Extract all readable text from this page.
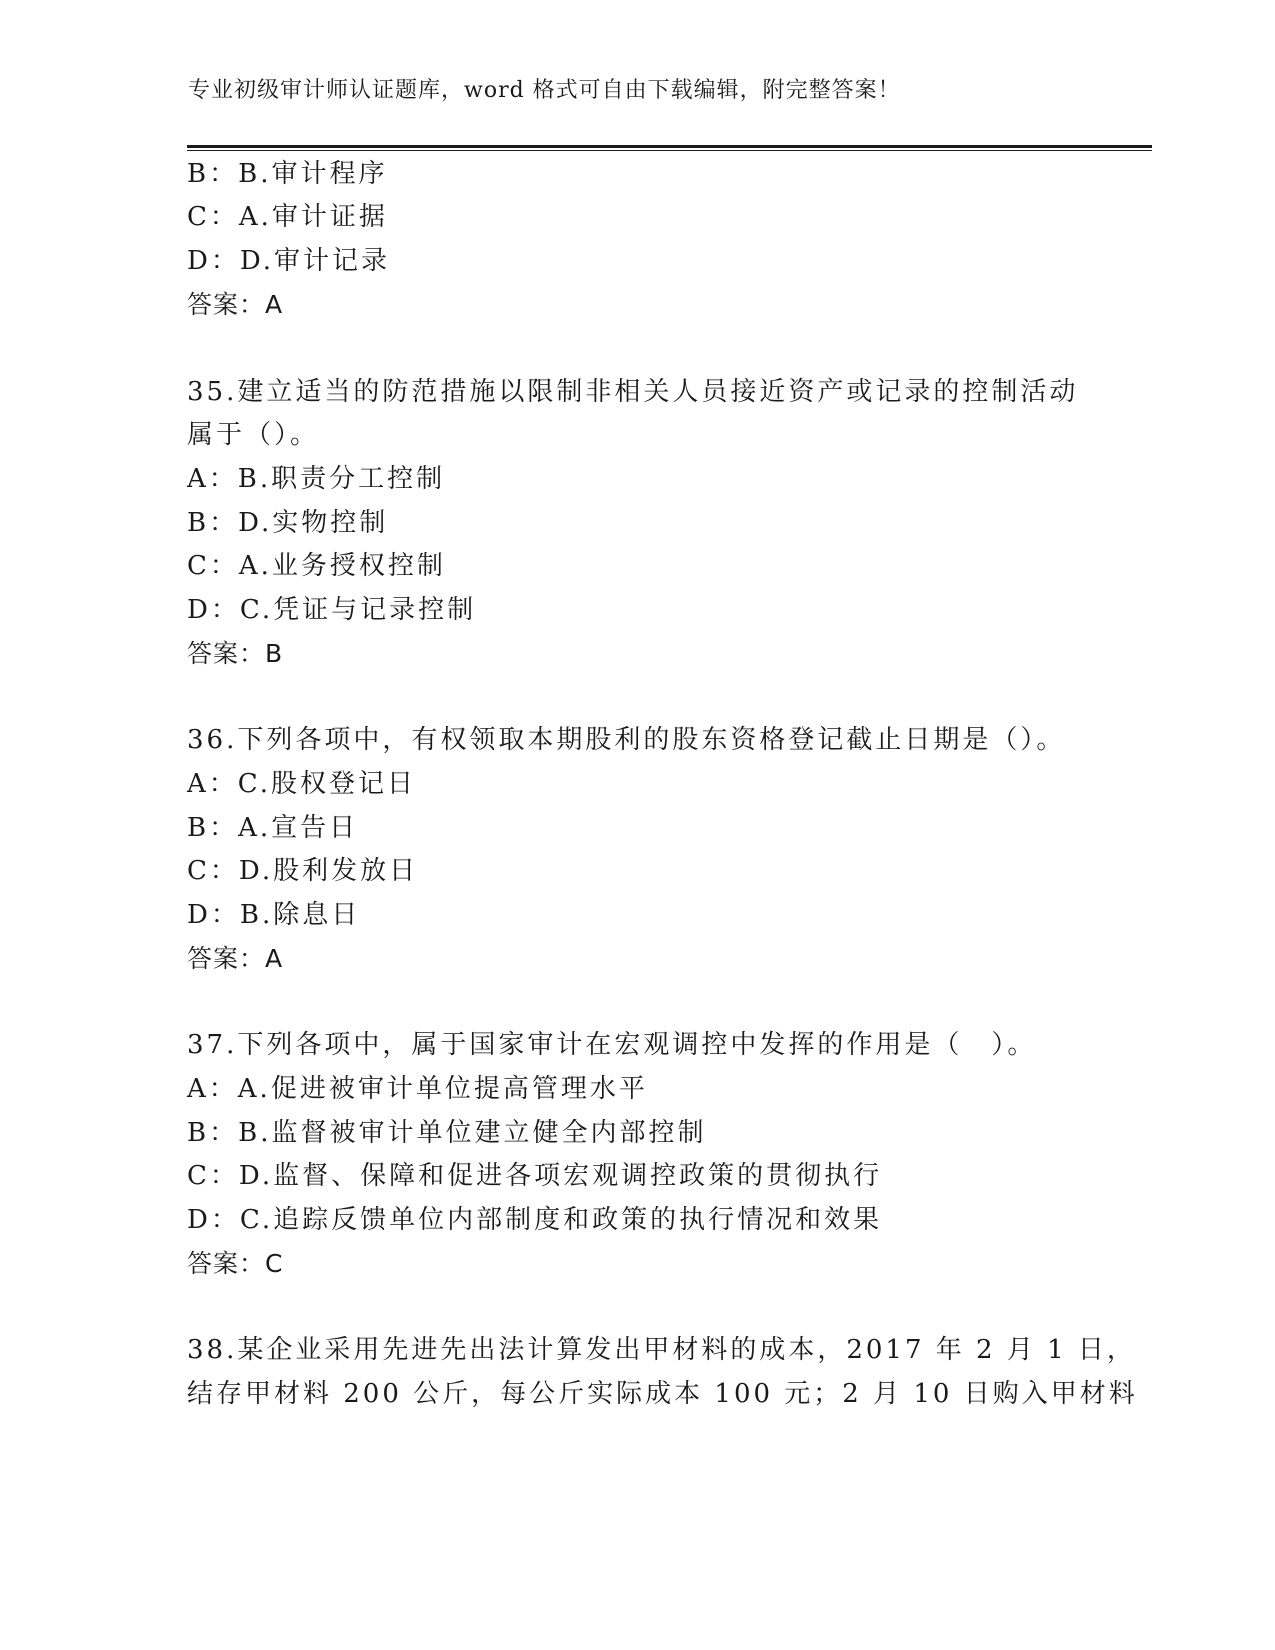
专业初级审计师认证题库，word 格式可自由下载编辑，附完整答案！
B：B.审计程序
C：A.审计证据
D：D.审计记录
答案：A
35.建立适当的防范措施以限制非相关人员接近资产或记录的控制活动
属于（）。
A：B.职责分工控制
B：D.实物控制
C：A.业务授权控制
D：C.凭证与记录控制
答案：B
36.下列各项中，有权领取本期股利的股东资格登记截止日期是（）。
A：C.股权登记日
B：A.宣告日
C：D.股利发放日
D：B.除息日
答案：A
37.下列各项中，属于国家审计在宏观调控中发挥的作用是（　）。
A：A.促进被审计单位提高管理水平
B：B.监督被审计单位建立健全内部控制
C：D.监督、保障和促进各项宏观调控政策的贯彻执行
D：C.追踪反馈单位内部制度和政策的执行情况和效果
答案：C
38.某企业采用先进先出法计算发出甲材料的成本，2017 年 2 月 1 日，
结存甲材料 200 公斤，每公斤实际成本 100 元；2 月 10 日购入甲材料
